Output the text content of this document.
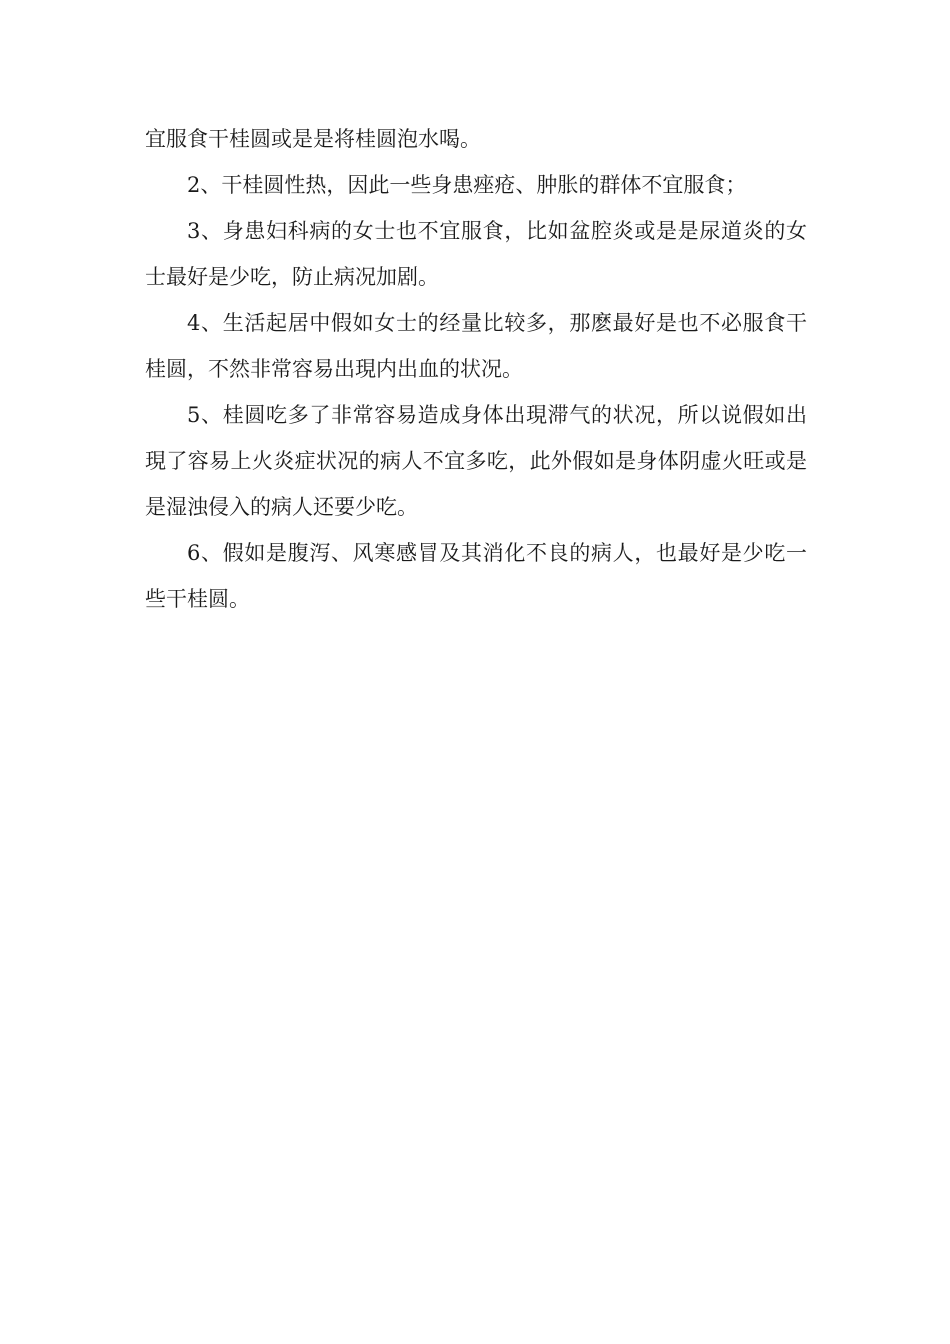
宜服食干桂圆或是是将桂圆泡水喝。

2、干桂圆性热，因此一些身患痤疮、肿胀的群体不宜服食；

3、身患妇科病的女士也不宜服食，比如盆腔炎或是是尿道炎的女士最好是少吃，防止病况加剧。

4、生活起居中假如女士的经量比较多，那麽最好是也不必服食干桂圆，不然非常容易出現内出血的状况。

5、桂圆吃多了非常容易造成身体出現滞气的状况，所以说假如出現了容易上火炎症状况的病人不宜多吃，此外假如是身体阴虚火旺或是是湿浊侵入的病人还要少吃。

6、假如是腹泻、风寒感冒及其消化不良的病人，也最好是少吃一些干桂圆。
